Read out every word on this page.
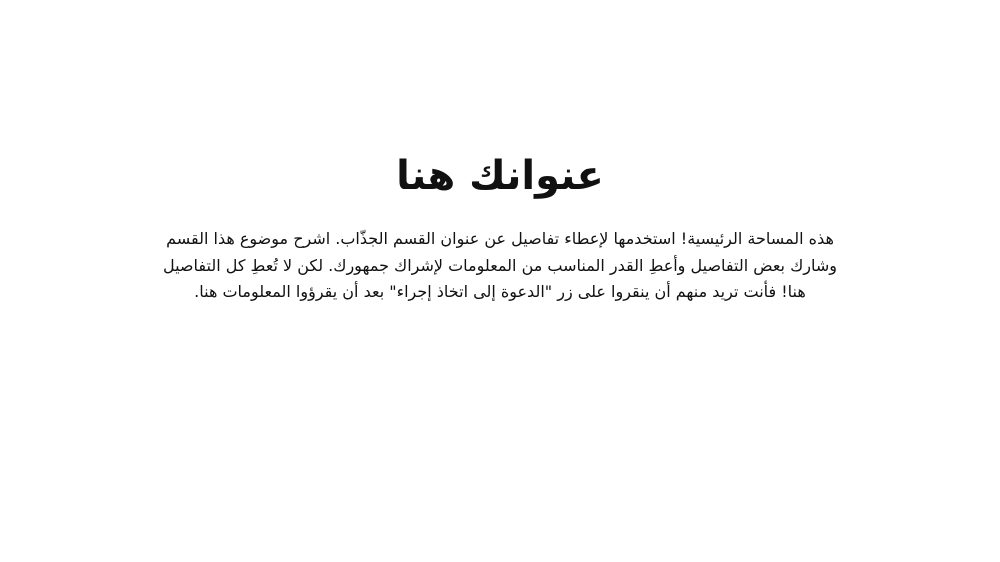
عنوانك هنا

هذه المساحة الرئيسية! استخدمها لإعطاء تفاصيل عن عنوان القسم الجذّاب. اشرح موضوع هذا القسم وشارك بعض التفاصيل وأعطِ القدر المناسب من المعلومات لإشراك جمهورك. لكن لا تُعطِ كل التفاصيل هنا! فأنت تريد منهم أن ينقروا على زر "الدعوة إلى اتخاذ إجراء" بعد أن يقرؤوا المعلومات هنا.
